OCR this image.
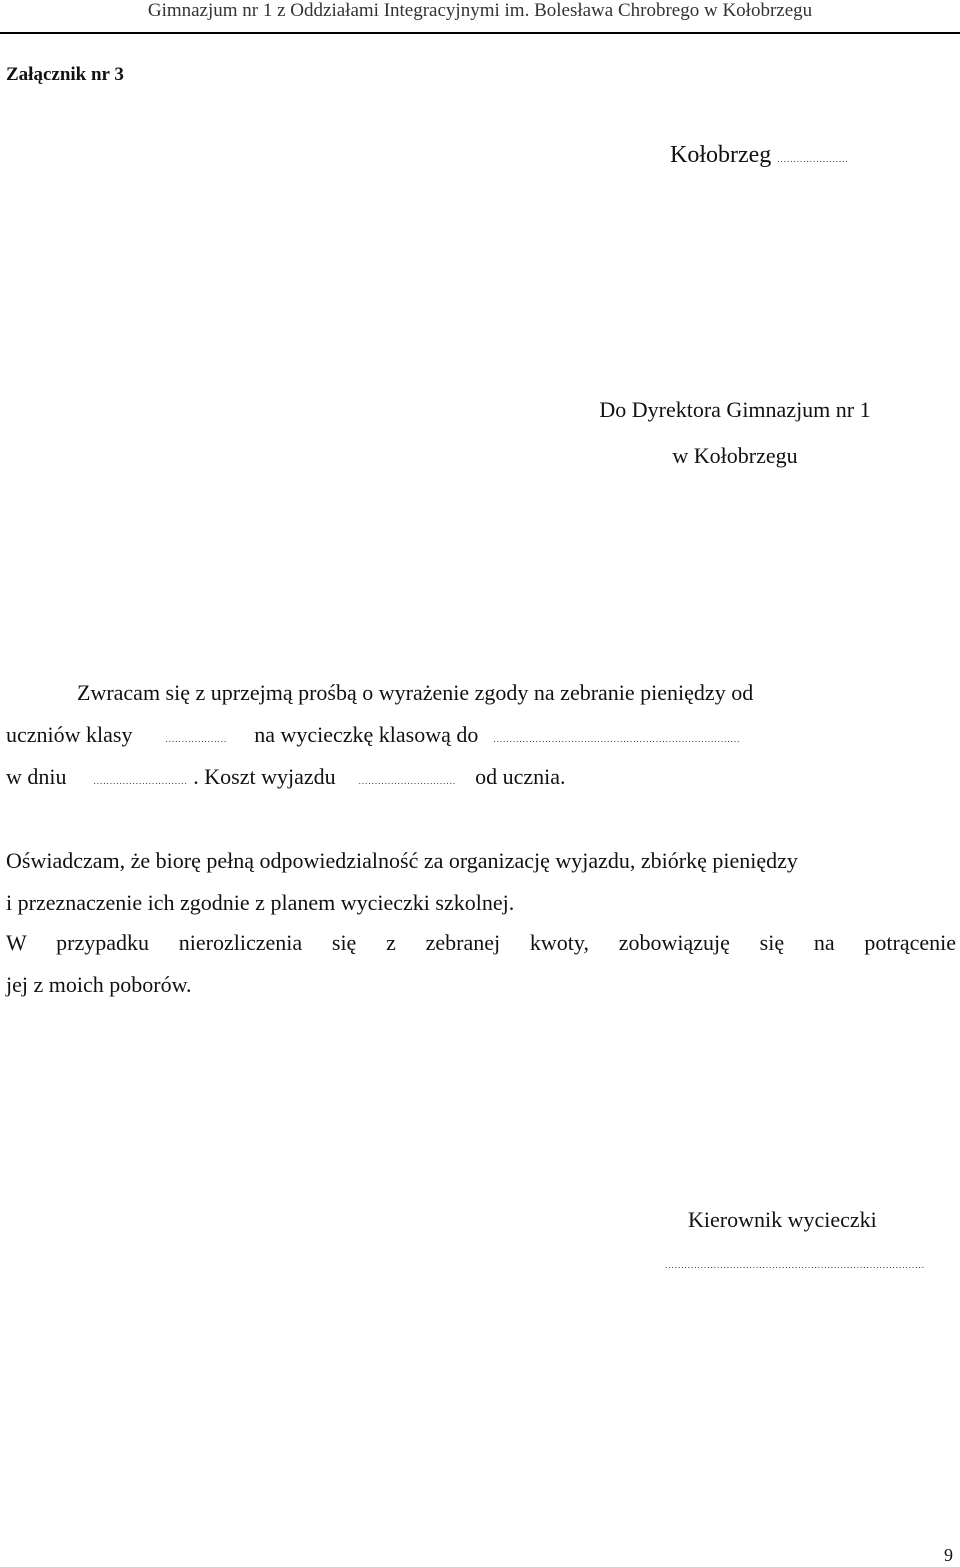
Gimnazjum nr 1 z Oddziałami Integracyjnymi im. Bolesława Chrobrego w Kołobrzegu
Załącznik nr 3
Kołobrzeg ......................
Do Dyrektora Gimnazjum nr 1
w Kołobrzegu
Zwracam się z uprzejmą prośbą o wyrażenie zgody na zebranie pieniędzy od
uczniów klasy	................... na wycieczkę klasową do ............................................................................
w dniu	............................. . Koszt wyjazdu	.............................. od ucznia.
Oświadczam, że biorę pełną odpowiedzialność za organizację wyjazdu, zbiórkę pieniędzy
i przeznaczenie ich zgodnie z planem wycieczki szkolnej.
W przypadku nierozliczenia się z zebranej kwoty, zobowiązuję się na potrącenie
jej z moich poborów.
Kierownik wycieczki
................................................................................
9
